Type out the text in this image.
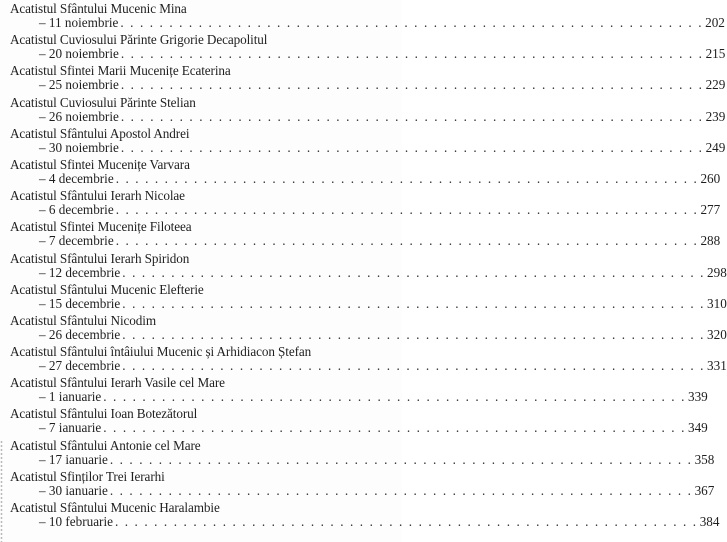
Acatistul Sfântului Mucenic Mina
– 11 noiembrie . . . . . . . . . . . . . . . . . . . . . . . . . . . . . . . . . . . . . . . . . . . . . . . . . . . . . . . . . . . . 202
Acatistul Cuviosului Părinte Grigorie Decapolitul
– 20 noiembrie . . . . . . . . . . . . . . . . . . . . . . . . . . . . . . . . . . . . . . . . . . . . . . . . . . . . . . . . . . . . 215
Acatistul Sfintei Marii Mucenițe Ecaterina
– 25 noiembrie . . . . . . . . . . . . . . . . . . . . . . . . . . . . . . . . . . . . . . . . . . . . . . . . . . . . . . . . . . . . 229
Acatistul Cuviosului Părinte Stelian
– 26 noiembrie . . . . . . . . . . . . . . . . . . . . . . . . . . . . . . . . . . . . . . . . . . . . . . . . . . . . . . . . . . . . 239
Acatistul Sfântului Apostol Andrei
– 30 noiembrie . . . . . . . . . . . . . . . . . . . . . . . . . . . . . . . . . . . . . . . . . . . . . . . . . . . . . . . . . . . . 249
Acatistul Sfintei Mucenițe Varvara
– 4 decembrie . . . . . . . . . . . . . . . . . . . . . . . . . . . . . . . . . . . . . . . . . . . . . . . . . . . . . . . . . . . . 260
Acatistul Sfântului Ierarh Nicolae
– 6 decembrie . . . . . . . . . . . . . . . . . . . . . . . . . . . . . . . . . . . . . . . . . . . . . . . . . . . . . . . . . . . . 277
Acatistul Sfintei Mucenițe Filoteea
– 7 decembrie . . . . . . . . . . . . . . . . . . . . . . . . . . . . . . . . . . . . . . . . . . . . . . . . . . . . . . . . . . . . 288
Acatistul Sfântului Ierarh Spiridon
– 12 decembrie . . . . . . . . . . . . . . . . . . . . . . . . . . . . . . . . . . . . . . . . . . . . . . . . . . . . . . . . . . . . 298
Acatistul Sfântului Mucenic Elefterie
– 15 decembrie . . . . . . . . . . . . . . . . . . . . . . . . . . . . . . . . . . . . . . . . . . . . . . . . . . . . . . . . . . . . 310
Acatistul Sfântului Nicodim
– 26 decembrie . . . . . . . . . . . . . . . . . . . . . . . . . . . . . . . . . . . . . . . . . . . . . . . . . . . . . . . . . . . . 320
Acatistul Sfântului întâiului Mucenic și Arhidiacon Ștefan
– 27 decembrie . . . . . . . . . . . . . . . . . . . . . . . . . . . . . . . . . . . . . . . . . . . . . . . . . . . . . . . . . . . . 331
Acatistul Sfântului Ierarh Vasile cel Mare
– 1 ianuarie . . . . . . . . . . . . . . . . . . . . . . . . . . . . . . . . . . . . . . . . . . . . . . . . . . . . . . . . . . . . 339
Acatistul Sfântului Ioan Botezătorul
– 7 ianuarie . . . . . . . . . . . . . . . . . . . . . . . . . . . . . . . . . . . . . . . . . . . . . . . . . . . . . . . . . . . . 349
Acatistul Sfântului Antonie cel Mare
– 17 ianuarie . . . . . . . . . . . . . . . . . . . . . . . . . . . . . . . . . . . . . . . . . . . . . . . . . . . . . . . . . . . . 358
Acatistul Sfinților Trei Ierarhi
– 30 ianuarie . . . . . . . . . . . . . . . . . . . . . . . . . . . . . . . . . . . . . . . . . . . . . . . . . . . . . . . . . . . . 367
Acatistul Sfântului Mucenic Haralambie
– 10 februarie . . . . . . . . . . . . . . . . . . . . . . . . . . . . . . . . . . . . . . . . . . . . . . . . . . . . . . . . . . . . 384
